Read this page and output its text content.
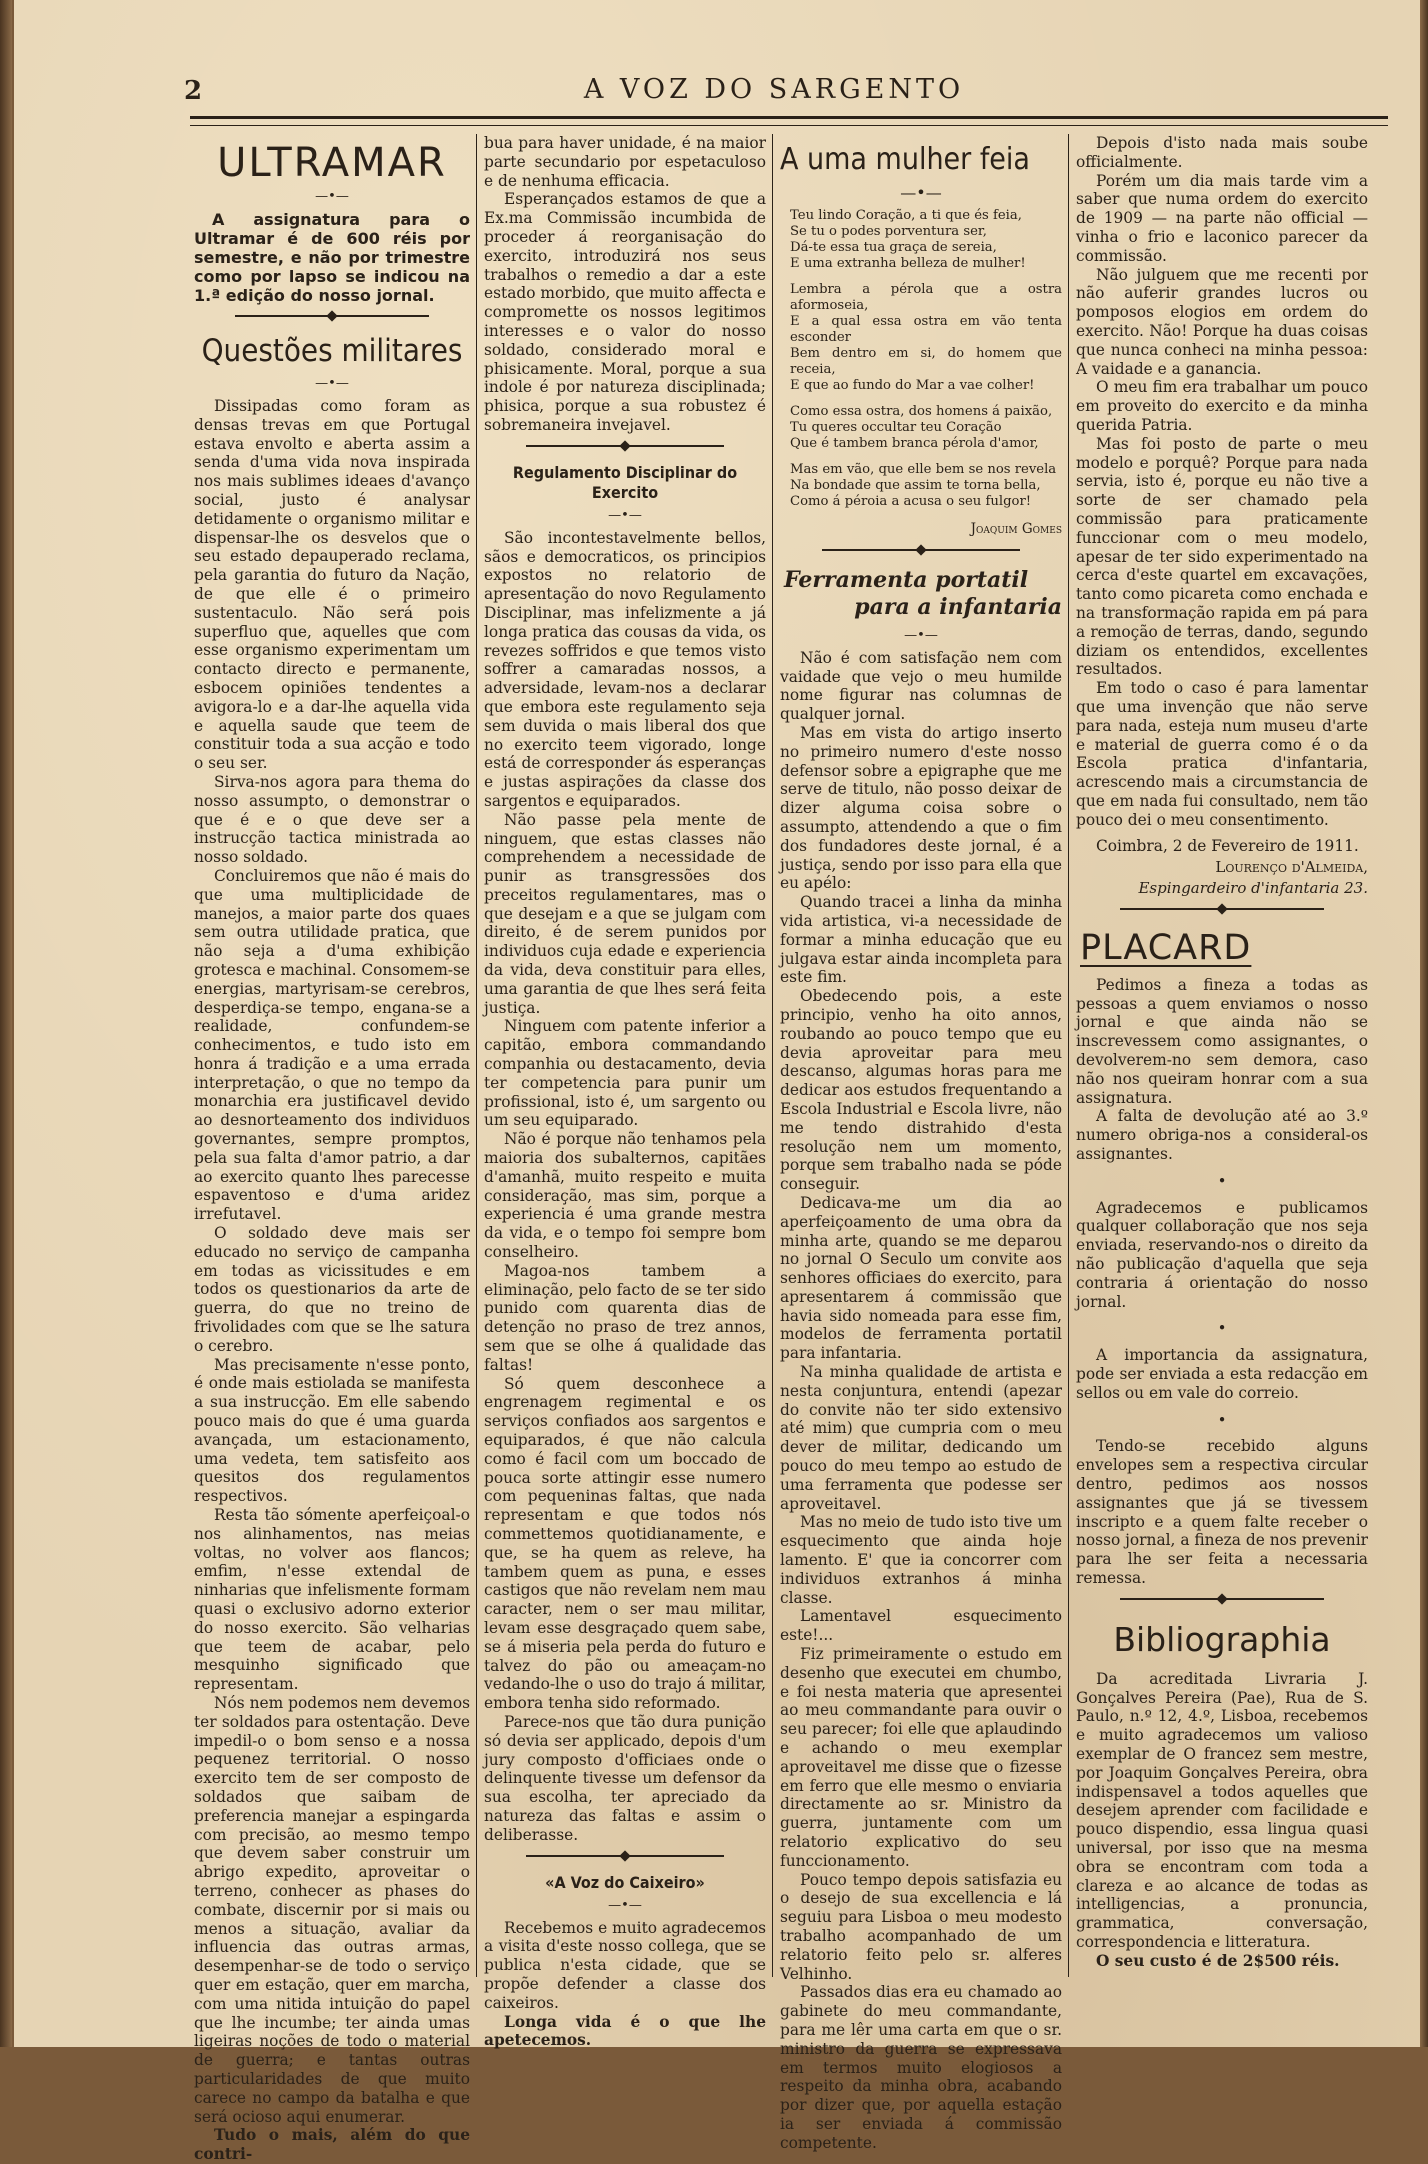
2	A VOZ DO SARGENTO
ULTRAMAR
—•—
A assignatura para o Ultramar é de 600 réis por semestre, e não por trimestre como por lapso se indicou na 1.ª edição do nosso jornal.
Questões militares
—•—

Dissipadas como foram as densas trevas em que Portugal estava envolto e aberta assim a senda d'uma vida nova inspirada nos mais sublimes ideaes d'avanço social, justo é analysar detidamente o organismo militar e dispensar-lhe os desvelos que o seu estado depauperado reclama, pela garantia do futuro da Nação, de que elle é o primeiro sustentaculo. Não será pois superfluo que, aquelles que com esse organismo experimentam um contacto directo e permanente, esbocem opiniões tendentes a avigora-lo e a dar-lhe aquella vida e aquella saude que teem de constituir toda a sua acção e todo o seu ser.

Sirva-nos agora para thema do nosso assumpto, o demonstrar o que é e o que deve ser a instrucção tactica ministrada ao nosso soldado.

Concluiremos que não é mais do que uma multiplicidade de manejos, a maior parte dos quaes sem outra utilidade pratica, que não seja a d'uma exhibição grotesca e machinal. Consomem-se energias, martyrisam-se cerebros, desperdiça-se tempo, engana-se a realidade, confundem-se conhecimentos, e tudo isto em honra á tradição e a uma errada interpretação, o que no tempo da monarchia era justificavel devido ao desnorteamento dos individuos governantes, sempre promptos, pela sua falta d'amor patrio, a dar ao exercito quanto lhes parecesse espaventoso e d'uma aridez irrefutavel.

O soldado deve mais ser educado no serviço de campanha em todas as vicissitudes e em todos os questionarios da arte de guerra, do que no treino de frivolidades com que se lhe satura o cerebro.

Mas precisamente n'esse ponto, é onde mais estiolada se manifesta a sua instrucção. Em elle sabendo pouco mais do que é uma guarda avançada, um estacionamento, uma vedeta, tem satisfeito aos quesitos dos regulamentos respectivos.

Resta tão sómente aperfeiçoal-o nos alinhamentos, nas meias voltas, no volver aos flancos; emfim, n'esse extendal de ninharias que infelismente formam quasi o exclusivo adorno exterior do nosso exercito. São velharias que teem de acabar, pelo mesquinho significado que representam.

Nós nem podemos nem devemos ter soldados para ostentação. Deve impedil-o o bom senso e a nossa pequenez territorial. O nosso exercito tem de ser composto de soldados que saibam de preferencia manejar a espingarda com precisão, ao mesmo tempo que devem saber construir um abrigo expedito, aproveitar o terreno, conhecer as phases do combate, discernir por si mais ou menos a situação, avaliar da influencia das outras armas, desempenhar-se de todo o serviço quer em estação, quer em marcha, com uma nitida intuição do papel que lhe incumbe; ter ainda umas ligeiras noções de todo o material de guerra; e tantas outras particularidades de que muito carece no campo da batalha e que será ocioso aqui enumerar.

Tudo o mais, além do que contri-

bua para haver unidade, é na maior parte secundario por espetaculoso e de nenhuma efficacia.

Esperançados estamos de que a Ex.ma Commissão incumbida de proceder á reorganisação do exercito, introduzirá nos seus trabalhos o remedio a dar a este estado morbido, que muito affecta e compromette os nossos legitimos interesses e o valor do nosso soldado, considerado moral e phisicamente. Moral, porque a sua indole é por natureza disciplinada; phisica, porque a sua robustez é sobremaneira invejavel.

Regulamento Disciplinar do Exercito
—•—

São incontestavelmente bellos, sãos e democraticos, os principios expostos no relatorio de apresentação do novo Regulamento Disciplinar, mas infelizmente a já longa pratica das cousas da vida, os revezes soffridos e que temos visto soffrer a camaradas nossos, a adversidade, levam-nos a declarar que embora este regulamento seja sem duvida o mais liberal dos que no exercito teem vigorado, longe está de corresponder ás esperanças e justas aspirações da classe dos sargentos e equiparados.

Não passe pela mente de ninguem, que estas classes não comprehendem a necessidade de punir as transgressões dos preceitos regulamentares, mas o que desejam e a que se julgam com direito, é de serem punidos por individuos cuja edade e experiencia da vida, deva constituir para elles, uma garantia de que lhes será feita justiça.

Ninguem com patente inferior a capitão, embora commandando companhia ou destacamento, devia ter competencia para punir um profissional, isto é, um sargento ou um seu equiparado.

Não é porque não tenhamos pela maioria dos subalternos, capitães d'amanhã, muito respeito e muita consideração, mas sim, porque a experiencia é uma grande mestra da vida, e o tempo foi sempre bom conselheiro.

Magoa-nos tambem a eliminação, pelo facto de se ter sido punido com quarenta dias de detenção no praso de trez annos, sem que se olhe á qualidade das faltas!

Só quem desconhece a engrenagem regimental e os serviços confiados aos sargentos e equiparados, é que não calcula como é facil com um boccado de pouca sorte attingir esse numero com pequeninas faltas, que nada representam e que todos nós commettemos quotidianamente, e que, se ha quem as releve, ha tambem quem as puna, e esses castigos que não revelam nem mau caracter, nem o ser mau militar, levam esse desgraçado quem sabe, se á miseria pela perda do futuro e talvez do pão ou ameaçam-no vedando-lhe o uso do trajo á militar, embora tenha sido reformado.

Parece-nos que tão dura punição só devia ser applicado, depois d'um jury composto d'officiaes onde o delinquente tivesse um defensor da sua escolha, ter apreciado da natureza das faltas e assim o deliberasse.

«A Voz do Caixeiro»
—•—

Recebemos e muito agradecemos a visita d'este nosso collega, que se publica n'esta cidade, que se propõe defender a classe dos caixeiros.

Longa vida é o que lhe apetecemos.

A uma mulher feia
—•—
Teu lindo Coração, a ti que és feia,
Se tu o podes porventura ser,
Dá-te essa tua graça de sereia,
E uma extranha belleza de mulher!
Lembra a pérola que a ostra aformoseia,
E a qual essa ostra em vão tenta esconder
Bem dentro em si, do homem que receia,
E que ao fundo do Mar a vae colher!
Como essa ostra, dos homens á paixão,
Tu queres occultar teu Coração
Que é tambem branca pérola d'amor,
Mas em vão, que elle bem se nos revela
Na bondade que assim te torna bella,
Como á péroia a acusa o seu fulgor!
Joaquim Gomes
Ferramenta portatil
para a infantaria
—•—

Não é com satisfação nem com vaidade que vejo o meu humilde nome figurar nas columnas de qualquer jornal.

Mas em vista do artigo inserto no primeiro numero d'este nosso defensor sobre a epigraphe que me serve de titulo, não posso deixar de dizer alguma coisa sobre o assumpto, attendendo a que o fim dos fundadores deste jornal, é a justiça, sendo por isso para ella que eu apélo:

Quando tracei a linha da minha vida artistica, vi-a necessidade de formar a minha educação que eu julgava estar ainda incompleta para este fim.

Obedecendo pois, a este principio, venho ha oito annos, roubando ao pouco tempo que eu devia aproveitar para meu descanso, algumas horas para me dedicar aos estudos frequentando a Escola Industrial e Escola livre, não me tendo distrahido d'esta resolução nem um momento, porque sem trabalho nada se póde conseguir.

Dedicava-me um dia ao aperfeiçoamento de uma obra da minha arte, quando se me deparou no jornal O Seculo um convite aos senhores officiaes do exercito, para apresentarem á commissão que havia sido nomeada para esse fim, modelos de ferramenta portatil para infantaria.

Na minha qualidade de artista e nesta conjuntura, entendi (apezar do convite não ter sido extensivo até mim) que cumpria com o meu dever de militar, dedicando um pouco do meu tempo ao estudo de uma ferramenta que podesse ser aproveitavel.

Mas no meio de tudo isto tive um esquecimento que ainda hoje lamento. E' que ia concorrer com individuos extranhos á minha classe.

Lamentavel esquecimento este!...

Fiz primeiramente o estudo em desenho que executei em chumbo, e foi nesta materia que apresentei ao meu commandante para ouvir o seu parecer; foi elle que aplaudindo e achando o meu exemplar aproveitavel me disse que o fizesse em ferro que elle mesmo o enviaria directamente ao sr. Ministro da guerra, juntamente com um relatorio explicativo do seu funccionamento.

Pouco tempo depois satisfazia eu o desejo de sua excellencia e lá seguiu para Lisboa o meu modesto trabalho acompanhado de um relatorio feito pelo sr. alferes Velhinho.

Passados dias era eu chamado ao gabinete do meu commandante, para me lêr uma carta em que o sr. ministro da guerra se expressava em termos muito elogiosos a respeito da minha obra, acabando por dizer que, por aquella estação ia ser enviada á commissão competente.

Depois d'isto nada mais soube officialmente.

Porém um dia mais tarde vim a saber que numa ordem do exercito de 1909 — na parte não official — vinha o frio e laconico parecer da commissão.

Não julguem que me recenti por não auferir grandes lucros ou pomposos elogios em ordem do exercito. Não! Porque ha duas coisas que nunca conheci na minha pessoa: A vaidade e a ganancia.

O meu fim era trabalhar um pouco em proveito do exercito e da minha querida Patria.

Mas foi posto de parte o meu modelo e porquê? Porque para nada servia, isto é, porque eu não tive a sorte de ser chamado pela commissão para praticamente funccionar com o meu modelo, apesar de ter sido experimentado na cerca d'este quartel em excavações, tanto como picareta como enchada e na transformação rapida em pá para a remoção de terras, dando, segundo diziam os entendidos, excellentes resultados.

Em todo o caso é para lamentar que uma invenção que não serve para nada, esteja num museu d'arte e material de guerra como é o da Escola pratica d'infantaria, acrescendo mais a circumstancia de que em nada fui consultado, nem tão pouco dei o meu consentimento.

Coimbra, 2 de Fevereiro de 1911.

Lourenço d'Almeida,
Espingardeiro d'infantaria 23.
PLACARD

Pedimos a fineza a todas as pessoas a quem enviamos o nosso jornal e que ainda não se inscrevessem como assignantes, o devolverem-no sem demora, caso não nos queiram honrar com a sua assignatura.

A falta de devolução até ao 3.º numero obriga-nos a consideral-os assignantes.

•

Agradecemos e publicamos qualquer collaboração que nos seja enviada, reservando-nos o direito da não publicação d'aquella que seja contraria á orientação do nosso jornal.

•

A importancia da assignatura, pode ser enviada a esta redacção em sellos ou em vale do correio.

•

Tendo-se recebido alguns envelopes sem a respectiva circular dentro, pedimos aos nossos assignantes que já se tivessem inscripto e a quem falte receber o nosso jornal, a fineza de nos prevenir para lhe ser feita a necessaria remessa.

Bibliographia

Da acreditada Livraria J. Gonçalves Pereira (Pae), Rua de S. Paulo, n.º 12, 4.º, Lisboa, recebemos e muito agradecemos um valioso exemplar de O francez sem mestre, por Joaquim Gonçalves Pereira, obra indispensavel a todos aquelles que desejem aprender com facilidade e pouco dispendio, essa lingua quasi universal, por isso que na mesma obra se encontram com toda a clareza e ao alcance de todas as intelligencias, a pronuncia, grammatica, conversação, correspondencia e litteratura.

O seu custo é de 2$500 réis.
